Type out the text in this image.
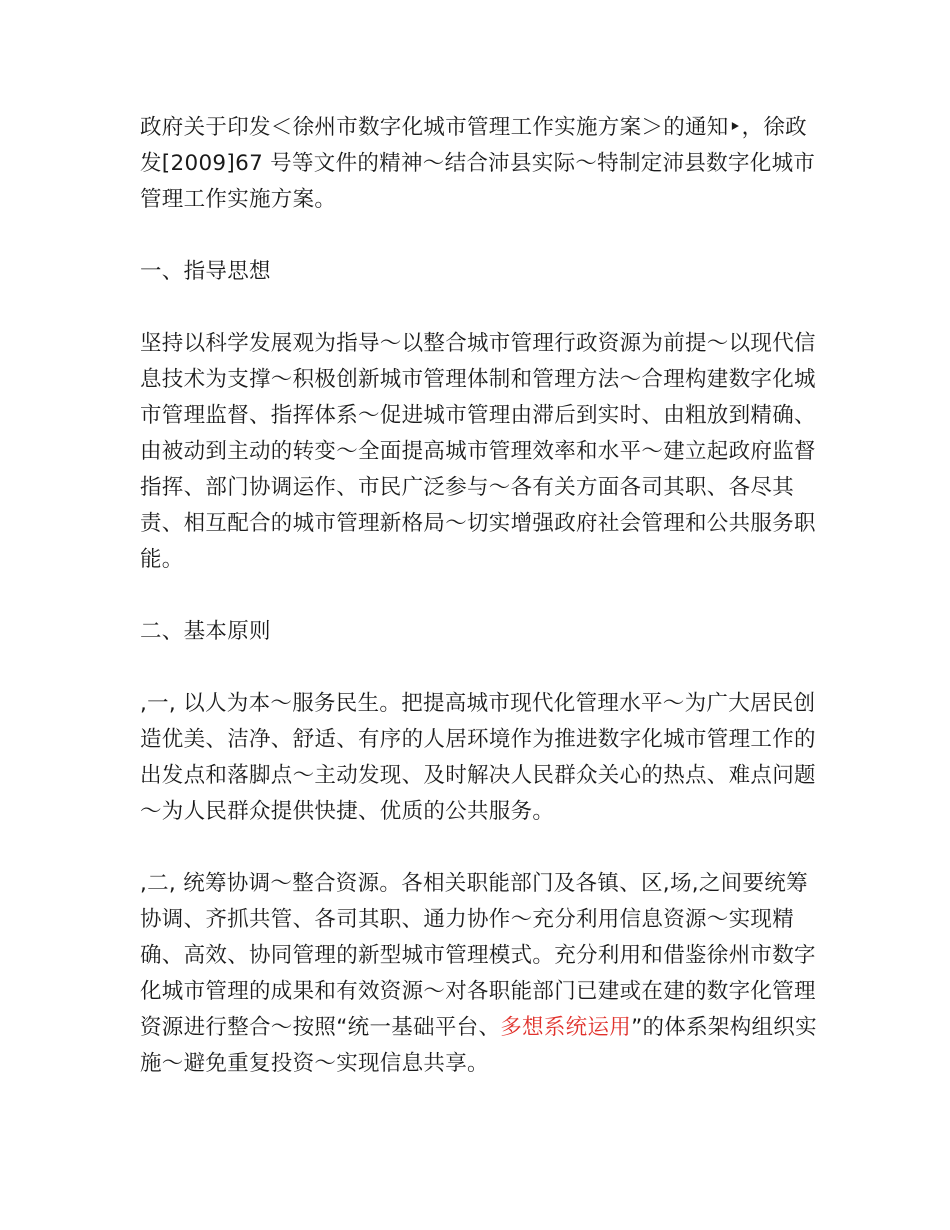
政府关于印发＜徐州市数字化城市管理工作实施方案＞的通知‣，徐政发[2009]67 号等文件的精神～结合沛县实际～特制定沛县数字化城市管理工作实施方案。

一、指导思想

坚持以科学发展观为指导～以整合城市管理行政资源为前提～以现代信息技术为支撑～积极创新城市管理体制和管理方法～合理构建数字化城市管理监督、指挥体系～促进城市管理由滞后到实时、由粗放到精确、由被动到主动的转变～全面提高城市管理效率和水平～建立起政府监督指挥、部门协调运作、市民广泛参与～各有关方面各司其职、各尽其责、相互配合的城市管理新格局～切实增强政府社会管理和公共服务职能。

二、基本原则

,一, 以人为本～服务民生。把提高城市现代化管理水平～为广大居民创造优美、洁净、舒适、有序的人居环境作为推进数字化城市管理工作的出发点和落脚点～主动发现、及时解决人民群众关心的热点、难点问题～为人民群众提供快捷、优质的公共服务。

,二, 统筹协调～整合资源。各相关职能部门及各镇、区,场,之间要统筹协调、齐抓共管、各司其职、通力协作～充分利用信息资源～实现精确、高效、协同管理的新型城市管理模式。充分利用和借鉴徐州市数字化城市管理的成果和有效资源～对各职能部门已建或在建的数字化管理资源进行整合～按照“统一基础平台、多想系统运用”的体系架构组织实施～避免重复投资～实现信息共享。
